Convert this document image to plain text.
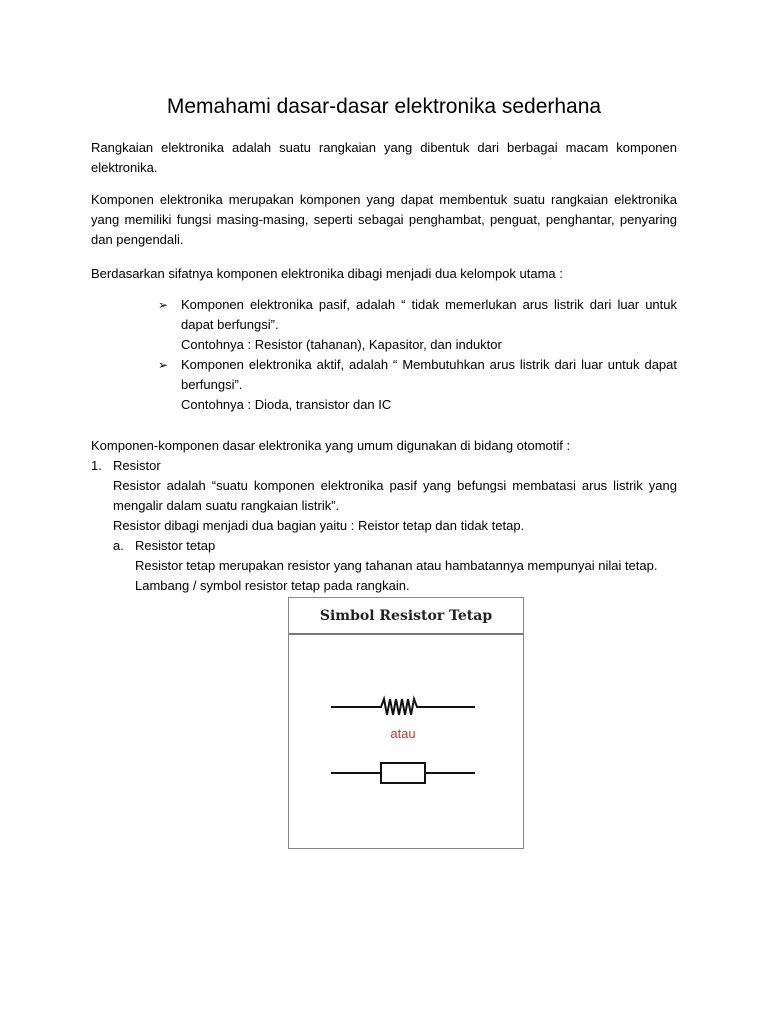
Memahami dasar-dasar elektronika sederhana
Rangkaian elektronika adalah suatu rangkaian yang dibentuk dari berbagai macam komponen elektronika.
Komponen elektronika merupakan komponen yang dapat membentuk suatu rangkaian elektronika yang memiliki fungsi masing-masing, seperti sebagai penghambat, penguat, penghantar, penyaring dan pengendali.
Berdasarkan sifatnya komponen elektronika dibagi menjadi dua kelompok utama :
➢ Komponen elektronika pasif, adalah “ tidak memerlukan arus listrik dari luar untuk dapat berfungsi”.
Contohnya : Resistor (tahanan), Kapasitor, dan induktor
➢ Komponen elektronika aktif, adalah “ Membutuhkan arus listrik dari luar untuk dapat berfungsi”.
Contohnya : Dioda, transistor dan IC
Komponen-komponen dasar elektronika yang umum digunakan di bidang otomotif :
1. Resistor
Resistor adalah “suatu komponen elektronika pasif yang befungsi membatasi arus listrik yang mengalir dalam suatu rangkaian listrik”.
Resistor dibagi menjadi dua bagian yaitu : Reistor tetap dan tidak tetap.
a. Resistor tetap
Resistor tetap merupakan resistor yang tahanan atau hambatannya mempunyai nilai tetap.
Lambang / symbol resistor tetap pada rangkain.
Simbol Resistor Tetap
atau
